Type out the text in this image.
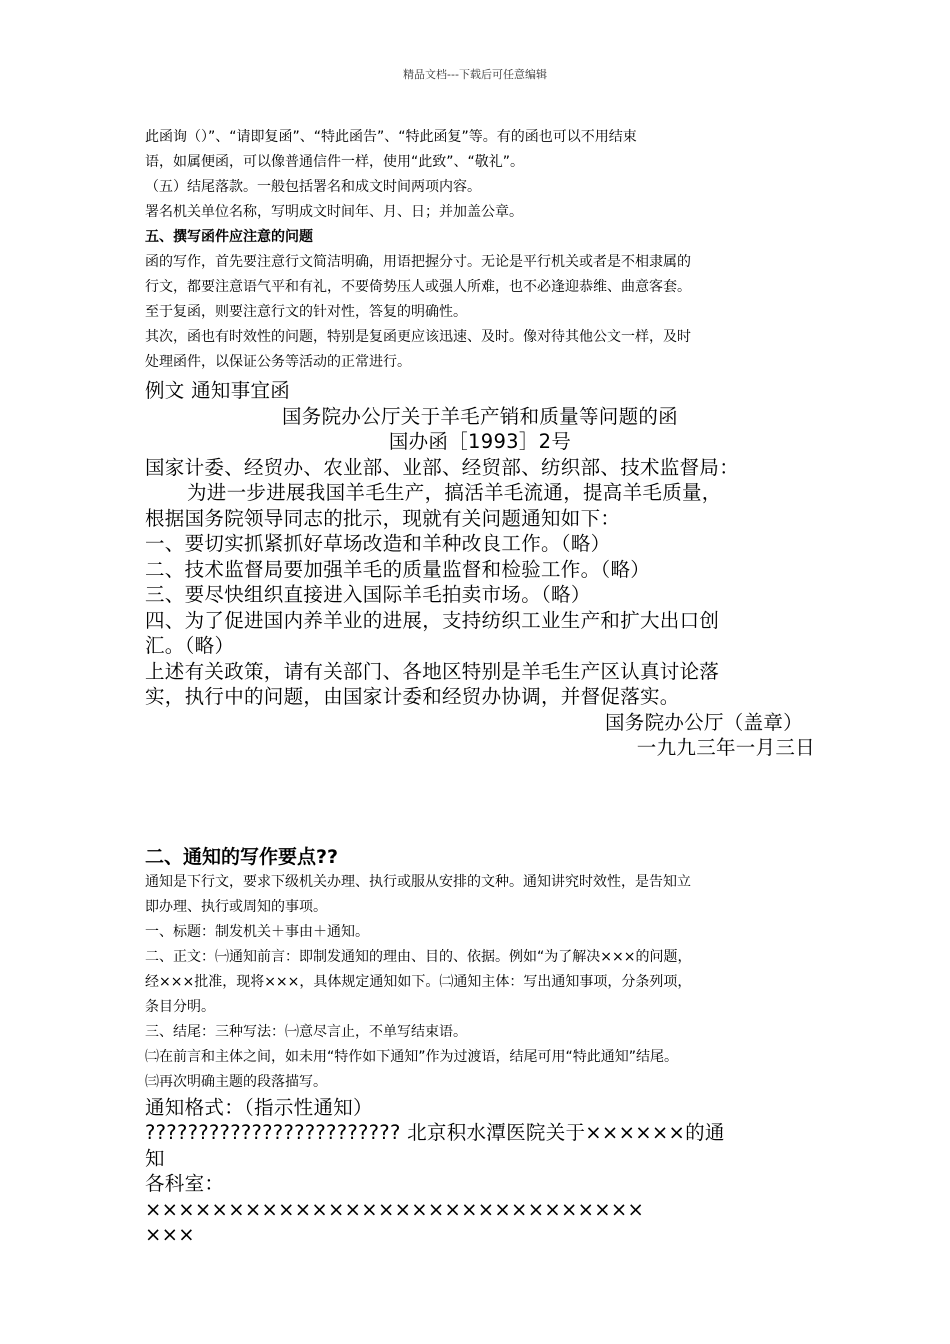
精品文档---下载后可任意编辑

此函询（）”、“请即复函”、“特此函告”、“特此函复”等。有的函也可以不用结束

语，如属便函，可以像普通信件一样，使用“此致”、“敬礼”。

（五）结尾落款。一般包括署名和成文时间两项内容。

署名机关单位名称，写明成文时间年、月、日；并加盖公章。

五、撰写函件应注意的问题

函的写作，首先要注意行文简洁明确，用语把握分寸。无论是平行机关或者是不相隶属的

行文，都要注意语气平和有礼，不要倚势压人或强人所难，也不必逢迎恭维、曲意客套。

至于复函，则要注意行文的针对性，答复的明确性。

其次，函也有时效性的问题，特别是复函更应该迅速、及时。像对待其他公文一样，及时

处理函件，以保证公务等活动的正常进行。

例文 通知事宜函

国务院办公厅关于羊毛产销和质量等问题的函

国办函［1993］2号

国家计委、经贸办、农业部、业部、经贸部、纺织部、技术监督局：

为进一步进展我国羊毛生产，搞活羊毛流通，提高羊毛质量，

根据国务院领导同志的批示，现就有关问题通知如下：

一、要切实抓紧抓好草场改造和羊种改良工作。（略）

二、技术监督局要加强羊毛的质量监督和检验工作。（略）

三、要尽快组织直接进入国际羊毛拍卖市场。（略）

四、为了促进国内养羊业的进展，支持纺织工业生产和扩大出口创

汇。（略）

上述有关政策，请有关部门、各地区特别是羊毛生产区认真讨论落

实，执行中的问题，由国家计委和经贸办协调，并督促落实。

国务院办公厅（盖章）

一九九三年一月三日

二、通知的写作要点??

通知是下行文，要求下级机关办理、执行或服从安排的文种。通知讲究时效性，是告知立

即办理、执行或周知的事项。

一、标题：制发机关＋事由＋通知。

二、正文：㈠通知前言：即制发通知的理由、目的、依据。例如“为了解决×××的问题，

经×××批准，现将×××，具体规定通知如下。㈡通知主体：写出通知事项，分条列项，

条目分明。

三、结尾：三种写法：㈠意尽言止，不单写结束语。

㈡在前言和主体之间，如未用“特作如下通知”作为过渡语，结尾可用“特此通知”结尾。

㈢再次明确主题的段落描写。

通知格式：（指示性通知）

???????????????????????? 北京积水潭医院关于××××××的通

知

各科室：

××××××××××××××××××××××××××××××

×××
